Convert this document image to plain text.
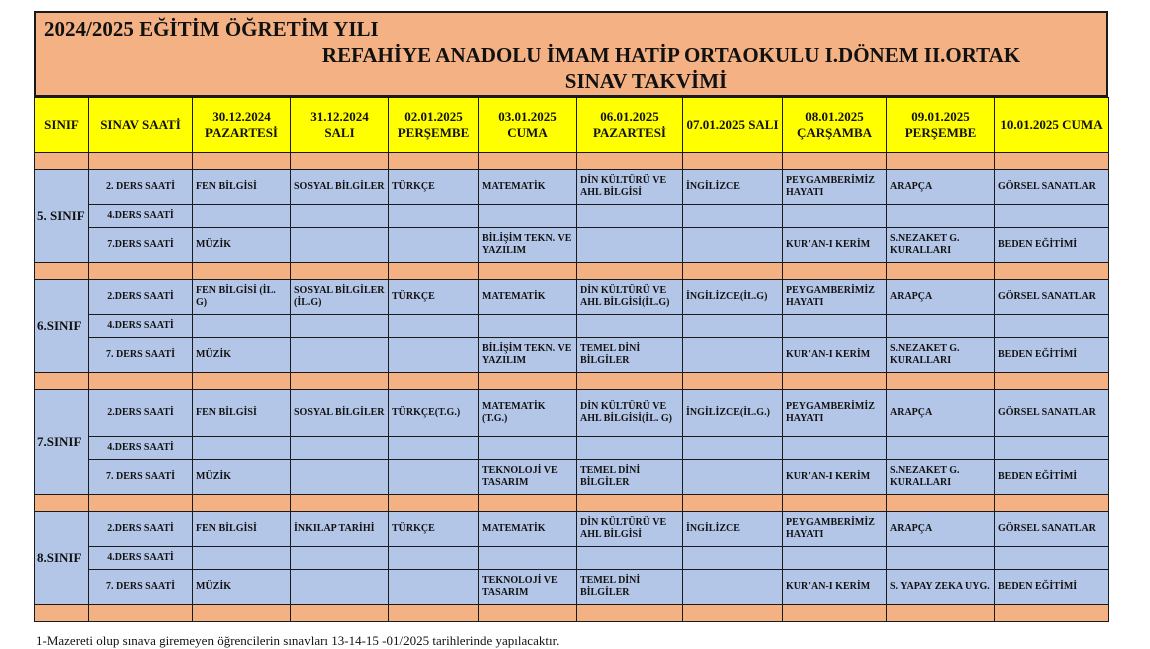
2024/2025 EĞİTİM ÖĞRETİM YILI
REFAHİYE ANADOLU İMAM HATİP ORTAOKULU I.DÖNEM II.ORTAK
SINAV TAKVİMİ
SINIF	SINAV SAATİ	30.12.2024 PAZARTESİ	31.12.2024 SALI	02.01.2025 PERŞEMBE	03.01.2025 CUMA	06.01.2025 PAZARTESİ	07.01.2025 SALI	08.01.2025 ÇARŞAMBA	09.01.2025 PERŞEMBE	10.01.2025 CUMA

5. SINIF	2. DERS SAATİ	FEN BİLGİSİ	SOSYAL BİLGİLER	TÜRKÇE	MATEMATİK	DİN KÜLTÜRÜ VE AHL BİLGİSİ	İNGİLİZCE	PEYGAMBERİMİZ HAYATI	ARAPÇA	GÖRSEL SANATLAR
	4.DERS SAATİ									
	7.DERS SAATİ	MÜZİK			BİLİŞİM TEKN. VE YAZILIM			KUR'AN-I KERİM	S.NEZAKET G. KURALLARI	BEDEN EĞİTİMİ

6.SINIF	2.DERS SAATİ	FEN BİLGİSİ (İL. G)	SOSYAL BİLGİLER (İL.G)	TÜRKÇE	MATEMATİK	DİN KÜLTÜRÜ VE AHL BİLGİSİ(İL.G)	İNGİLİZCE(İL.G)	PEYGAMBERİMİZ HAYATI	ARAPÇA	GÖRSEL SANATLAR
	4.DERS SAATİ									
	7. DERS SAATİ	MÜZİK			BİLİŞİM TEKN. VE YAZILIM	TEMEL DİNİ BİLGİLER		KUR'AN-I KERİM	S.NEZAKET G. KURALLARI	BEDEN EĞİTİMİ

7.SINIF	2.DERS SAATİ	FEN BİLGİSİ	SOSYAL BİLGİLER	TÜRKÇE(T.G.)	MATEMATİK (T.G.)	DİN KÜLTÜRÜ VE AHL BİLGİSİ(İL. G)	İNGİLİZCE(İL.G.)	PEYGAMBERİMİZ HAYATI	ARAPÇA	GÖRSEL SANATLAR
	4.DERS SAATİ									
	7. DERS SAATİ	MÜZİK			TEKNOLOJİ VE TASARIM	TEMEL DİNİ BİLGİLER		KUR'AN-I KERİM	S.NEZAKET G. KURALLARI	BEDEN EĞİTİMİ

8.SINIF	2.DERS SAATİ	FEN BİLGİSİ	İNKILAP TARİHİ	TÜRKÇE	MATEMATİK	DİN KÜLTÜRÜ VE AHL BİLGİSİ	İNGİLİZCE	PEYGAMBERİMİZ HAYATI	ARAPÇA	GÖRSEL SANATLAR
	4.DERS SAATİ									
	7. DERS SAATİ	MÜZİK			TEKNOLOJİ VE TASARIM	TEMEL DİNİ BİLGİLER		KUR'AN-I KERİM	S. YAPAY ZEKA UYG.	BEDEN EĞİTİMİ

1-Mazereti olup sınava giremeyen öğrencilerin sınavları 13-14-15 -01/2025 tarihlerinde yapılacaktır.
